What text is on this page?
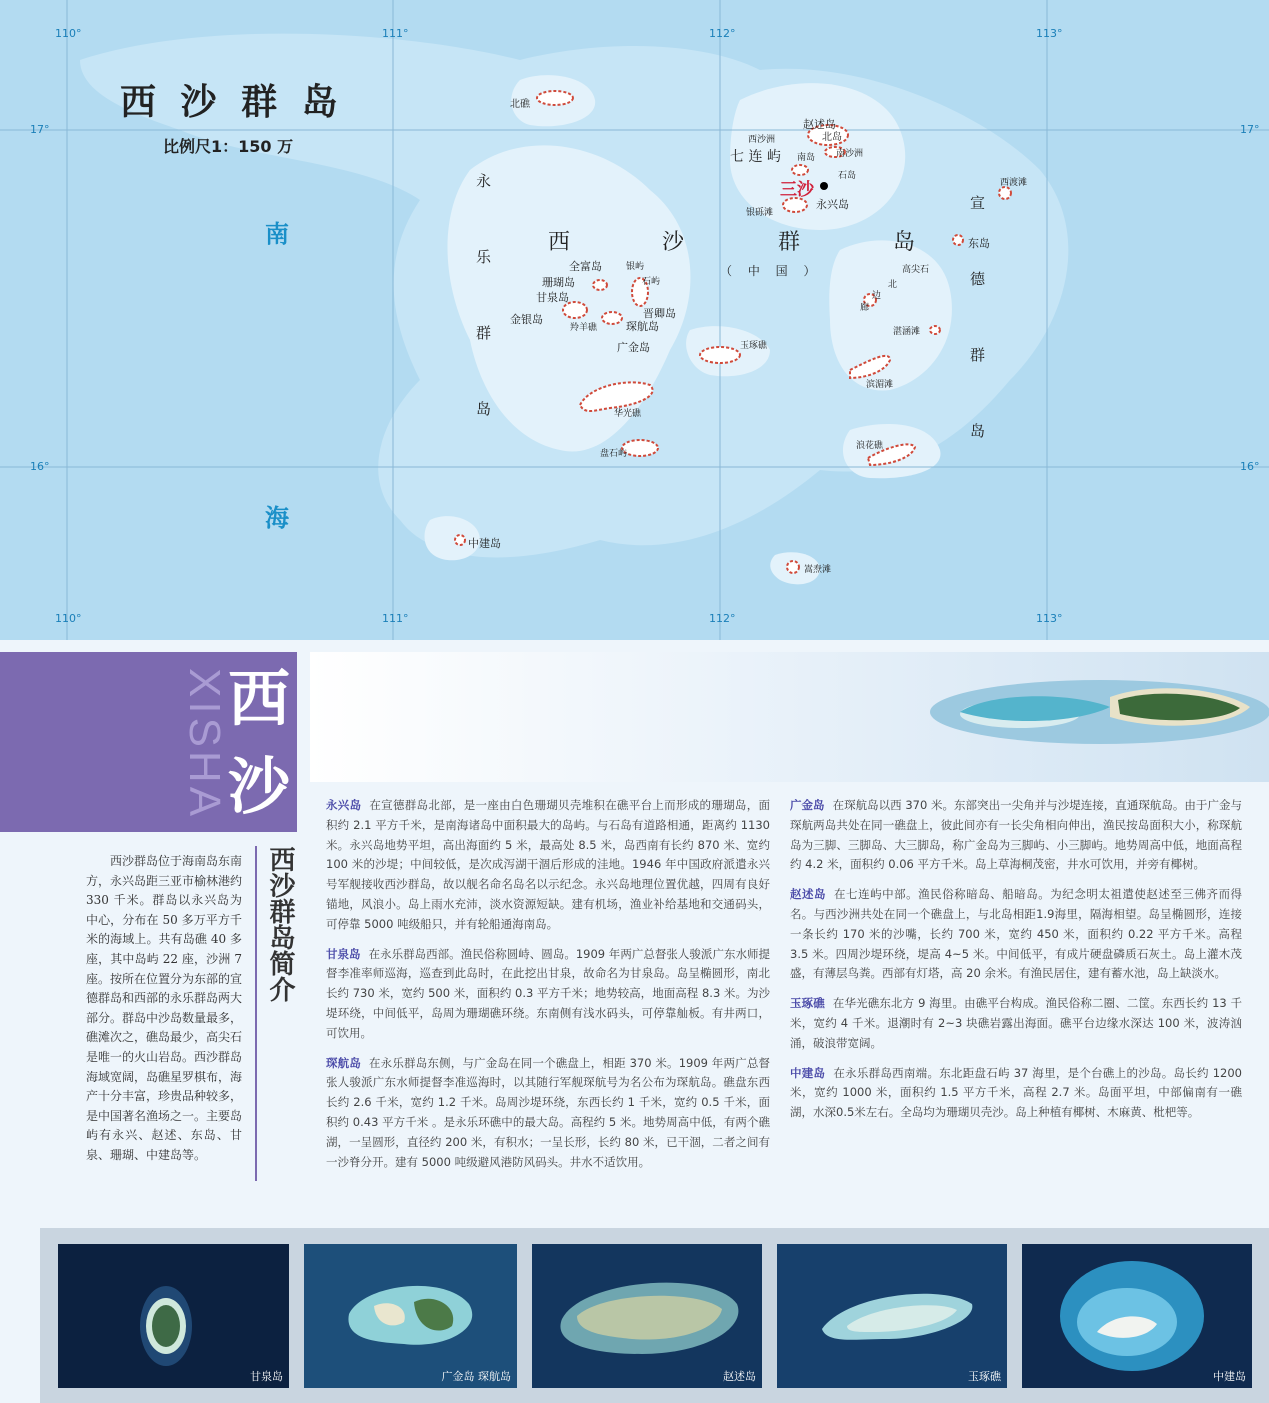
西 沙 群 岛
比例尺1：150 万
110°	111°	112°	113°
110°	111°	112°	113°
17°	17°
16°	16°
南
海
西	沙	群	岛
（ 中 国 ）
永
乐
群
岛
宣
德
群
岛
七 连 屿
三沙
北礁
赵述岛
北岛
西沙洲
南岛 南沙洲
石岛
永兴岛
银砾滩
西渡滩
东岛
全富岛	银屿
珊瑚岛	石屿
甘泉岛
晋卿岛
金银岛
羚羊礁	琛航岛
广金岛	玉琢礁
华光礁
盘石屿
高尖石
北
边
廊
湛涵滩
滨湄滩
浪花礁
中建岛
嵩焘滩
XISHA 西
沙
西沙群岛简介
西沙群岛位于海南岛东南方，永兴岛距三亚市榆林港约 330 千米。群岛以永兴岛为中心，分布在 50 多万平方千米的海域上。共有岛礁 40 多座，其中岛屿 22 座，沙洲 7 座。按所在位置分为东部的宣德群岛和西部的永乐群岛两大部分。群岛中沙岛数量最多，礁滩次之，礁岛最少，高尖石是唯一的火山岩岛。西沙群岛海域宽阔，岛礁星罗棋布，海产十分丰富，珍贵品种较多，是中国著名渔场之一。主要岛屿有永兴、赵述、东岛、甘泉、珊瑚、中建岛等。

永兴岛 在宣德群岛北部，是一座由白色珊瑚贝壳堆积在礁平台上而形成的珊瑚岛，面积约 2.1 平方千米，是南海诸岛中面积最大的岛屿。与石岛有道路相通，距离约 1130 米。永兴岛地势平坦，高出海面约 5 米，最高处 8.5 米，岛西南有长约 870 米、宽约 100 米的沙堤；中间较低，是次成泻湖干涸后形成的洼地。1946 年中国政府派遣永兴号军舰接收西沙群岛，故以舰名命名岛名以示纪念。永兴岛地理位置优越，四周有良好锚地，风浪小。岛上雨水充沛，淡水资源短缺。建有机场，渔业补给基地和交通码头，可停靠 5000 吨级船只，并有轮船通海南岛。

甘泉岛 在永乐群岛西部。渔民俗称圆峙、圆岛。1909 年两广总督张人骏派广东水师提督李准率师巡海，巡查到此岛时，在此挖出甘泉，故命名为甘泉岛。岛呈椭圆形，南北长约 730 米，宽约 500 米，面积约 0.3 平方千米；地势较高，地面高程 8.3 米。为沙堤环绕，中间低平，岛周为珊瑚礁环绕。东南侧有浅水码头，可停靠舢板。有井两口，可饮用。

琛航岛 在永乐群岛东侧，与广金岛在同一个礁盘上，相距 370 米。1909 年两广总督张人骏派广东水师提督李准巡海时，以其随行军舰琛航号为名公布为琛航岛。礁盘东西长约 2.6 千米，宽约 1.2 千米。岛周沙堤环绕，东西长约 1 千米，宽约 0.5 千米，面积约 0.43 平方千米 。是永乐环礁中的最大岛。高程约 5 米。地势周高中低，有两个礁湖，一呈圆形，直径约 200 米，有积水；一呈长形，长约 80 米，已干涸，二者之间有一沙脊分开。建有 5000 吨级避风港防风码头。井水不适饮用。

广金岛 在琛航岛以西 370 米。东部突出一尖角并与沙堤连接，直通琛航岛。由于广金与琛航两岛共处在同一礁盘上，彼此间亦有一长尖角相向伸出，渔民按岛面积大小，称琛航岛为三脚、三脚岛、大三脚岛，称广金岛为三脚屿、小三脚屿。地势周高中低，地面高程约 4.2 米，面积约 0.06 平方千米。岛上草海桐茂密，井水可饮用，并旁有椰树。

赵述岛 在七连屿中部。渔民俗称暗岛、船暗岛。为纪念明太祖遣使赵述至三佛齐而得名。与西沙洲共处在同一个礁盘上，与北岛相距1.9海里，隔海相望。岛呈椭圆形，连接一条长约 170 米的沙嘴，长约 700 米，宽约 450 米，面积约 0.22 平方千米。高程 3.5 米。四周沙堤环绕，堤高 4~5 米。中间低平，有成片硬盘磷质石灰土。岛上灌木茂盛，有薄层鸟粪。西部有灯塔，高 20 余米。有渔民居住，建有蓄水池，岛上缺淡水。

玉琢礁 在华光礁东北方 9 海里。由礁平台构成。渔民俗称二圈、二筐。东西长约 13 千米，宽约 4 千米。退潮时有 2~3 块礁岩露出海面。礁平台边缘水深达 100 米，波涛汹涌，破浪带宽阔。

中建岛 在永乐群岛西南端。东北距盘石屿 37 海里，是个台礁上的沙岛。岛长约 1200 米，宽约 1000 米，面积约 1.5 平方千米，高程 2.7 米。岛面平坦，中部偏南有一礁湖，水深0.5米左右。全岛均为珊瑚贝壳沙。岛上种植有椰树、木麻黄、枇杷等。

甘泉岛	广金岛 琛航岛	赵述岛	玉琢礁	中建岛
